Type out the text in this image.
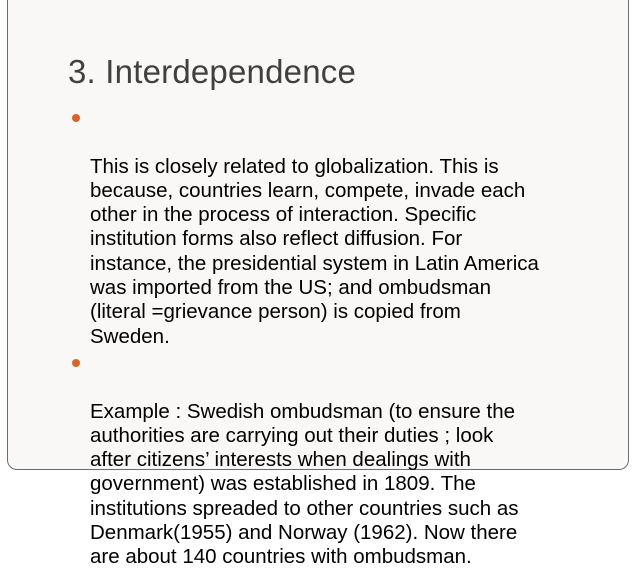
3. Interdependence

This is closely related to globalization. This is
because, countries learn, compete, invade each
other in the process of interaction. Specific
institution forms also reflect diffusion. For
instance, the presidential system in Latin America
was imported from the US; and ombudsman
(literal =grievance person) is copied from
Sweden.

Example : Swedish ombudsman (to ensure the
authorities are carrying out their duties ; look
after citizens’ interests when dealings with
government) was established in 1809. The
institutions spreaded to other countries such as
Denmark(1955) and Norway (1962). Now there
are about 140 countries with ombudsman.
